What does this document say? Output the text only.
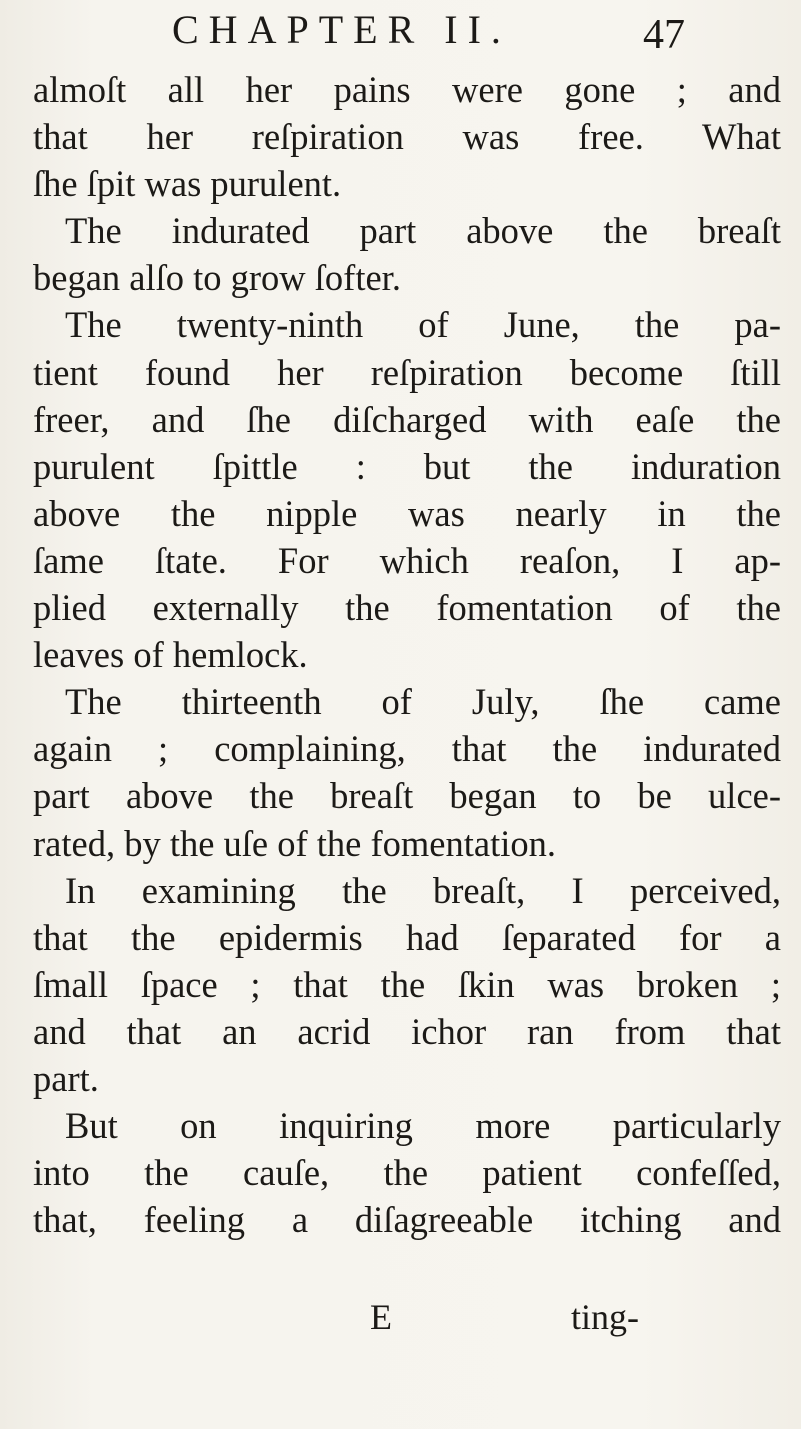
CHAPTER II.	47
almoſt all her pains were gone ; and
that her reſpiration was free. What
ſhe ſpit was purulent.
The indurated part above the breaſt
began alſo to grow ſofter.
The twenty-ninth of June, the pa-
tient found her reſpiration become ſtill
freer, and ſhe diſcharged with eaſe the
purulent ſpittle : but the induration
above the nipple was nearly in the
ſame ſtate. For which reaſon, I ap-
plied externally the fomentation of the
leaves of hemlock.
The thirteenth of July, ſhe came
again ; complaining, that the indurated
part above the breaſt began to be ulce-
rated, by the uſe of the fomentation.
In examining the breaſt, I perceived,
that the epidermis had ſeparated for a
ſmall ſpace ; that the ſkin was broken ;
and that an acrid ichor ran from that
part.
But on inquiring more particularly
into the cauſe, the patient confeſſed,
that, feeling a diſagreeable itching and
E	ting-
